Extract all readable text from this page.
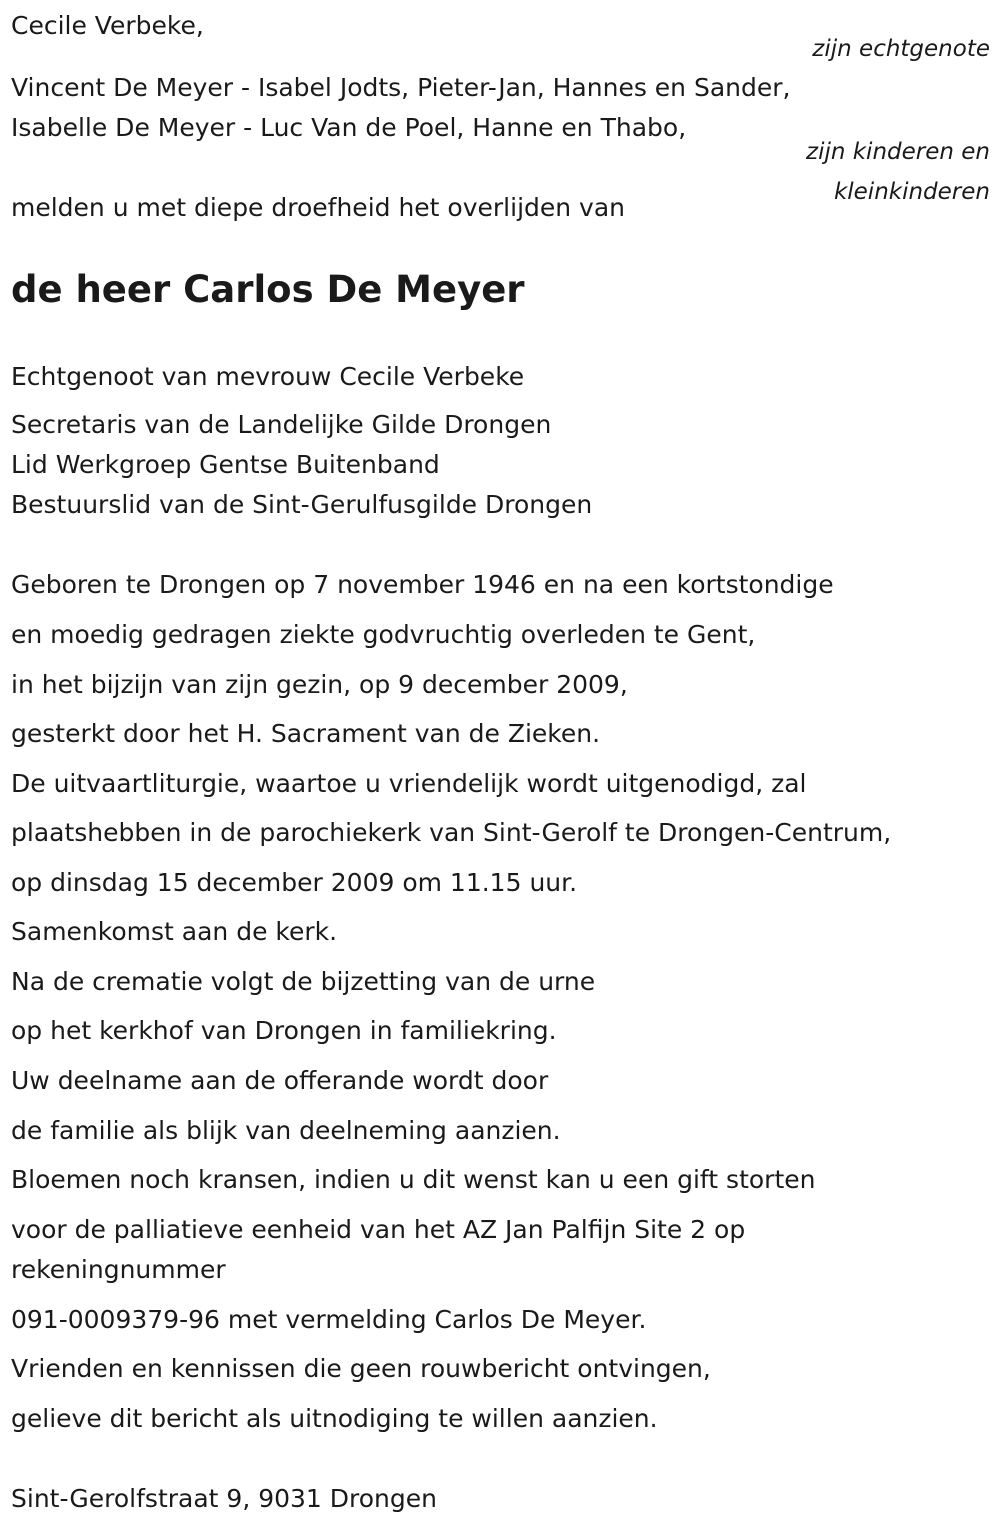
Cecile Verbeke,
zijn echtgenote
Vincent De Meyer - Isabel Jodts, Pieter-Jan, Hannes en Sander,
Isabelle De Meyer - Luc Van de Poel, Hanne en Thabo,
zijn kinderen en
kleinkinderen
melden u met diepe droefheid het overlijden van
de heer Carlos De Meyer
Echtgenoot van mevrouw Cecile Verbeke
Secretaris van de Landelijke Gilde Drongen
Lid Werkgroep Gentse Buitenband
Bestuurslid van de Sint-Gerulfusgilde Drongen
Geboren te Drongen op 7 november 1946 en na een kortstondige
en moedig gedragen ziekte godvruchtig overleden te Gent,
in het bijzijn van zijn gezin, op 9 december 2009,
gesterkt door het H. Sacrament van de Zieken.
De uitvaartliturgie, waartoe u vriendelijk wordt uitgenodigd, zal
plaatshebben in de parochiekerk van Sint-Gerolf te Drongen-Centrum,
op dinsdag 15 december 2009 om 11.15 uur.
Samenkomst aan de kerk.
Na de crematie volgt de bijzetting van de urne
op het kerkhof van Drongen in familiekring.
Uw deelname aan de offerande wordt door
de familie als blijk van deelneming aanzien.
Bloemen noch kransen, indien u dit wenst kan u een gift storten
voor de palliatieve eenheid van het AZ Jan Palfijn Site 2 op
rekeningnummer
091-0009379-96 met vermelding Carlos De Meyer.
Vrienden en kennissen die geen rouwbericht ontvingen,
gelieve dit bericht als uitnodiging te willen aanzien.
Sint-Gerolfstraat 9, 9031 Drongen
